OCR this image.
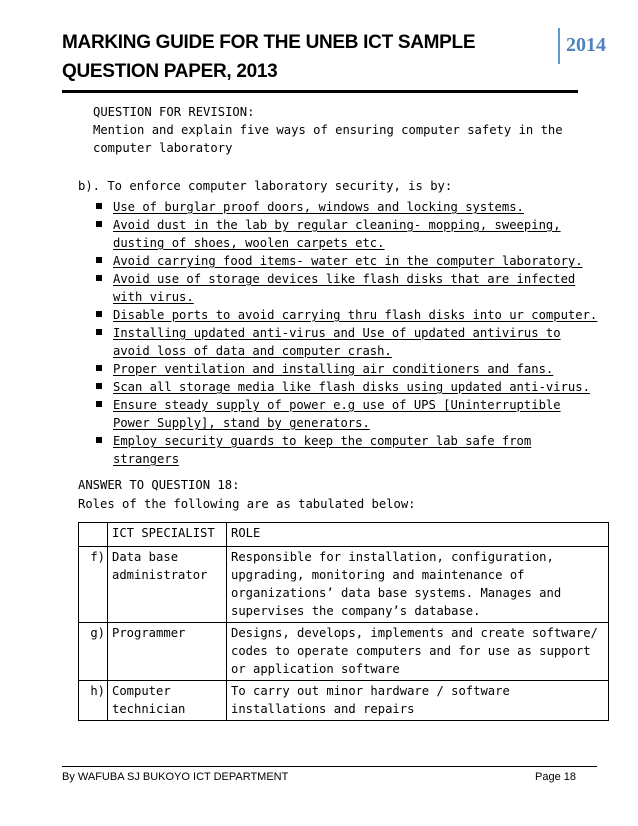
MARKING GUIDE FOR THE UNEB ICT SAMPLE QUESTION PAPER, 2013
2014
QUESTION FOR REVISION:
Mention and explain five ways of ensuring computer safety in the computer laboratory
b). To enforce computer laboratory security, is by:
Use of burglar proof doors, windows and locking systems.
Avoid dust in the lab by regular cleaning- mopping, sweeping, dusting of shoes, woolen carpets etc.
Avoid carrying food items- water etc in the computer laboratory.
Avoid use of storage devices like flash disks that are infected with virus.
Disable ports to avoid carrying thru flash disks into ur computer.
Installing updated anti-virus and Use of updated antivirus to avoid loss of data and computer crash.
Proper ventilation and installing air conditioners and fans.
Scan all storage media like flash disks using updated anti-virus.
Ensure steady supply of power e.g use of UPS [Uninterruptible Power Supply], stand by generators.
Employ security guards to keep the computer lab safe from strangers
ANSWER TO QUESTION 18:
Roles of the following are as tabulated below:
	ICT SPECIALIST	ROLE
f)	Data base administrator	Responsible for installation, configuration, upgrading, monitoring and maintenance of organizations’ data base systems. Manages and supervises the company’s database.
g)	Programmer	Designs, develops, implements and create software/ codes to operate computers and for use as support or application software
h)	Computer technician	To carry out minor hardware / software installations and repairs
By WAFUBA SJ BUKOYO ICT DEPARTMENT	Page 18
